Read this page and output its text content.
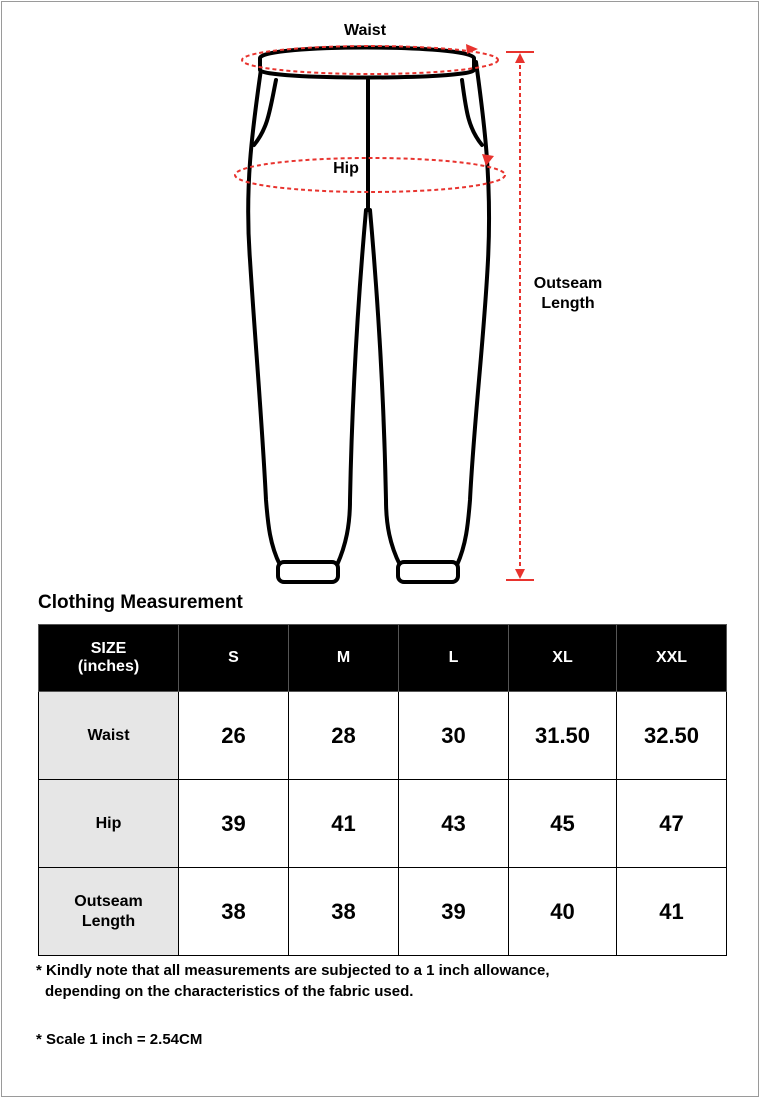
Waist
Hip
Outseam
Length
Clothing Measurement
SIZE
(inches)	S	M	L	XL	XXL

Waist	26	28	30	31.50	32.50

Hip	39	41	43	45	47

Outseam
Length	38	38	39	40	41
* Kindly note that all measurements are subjected to a 1 inch allowance,
depending on the characteristics of the fabric used.
* Scale 1 inch = 2.54CM
